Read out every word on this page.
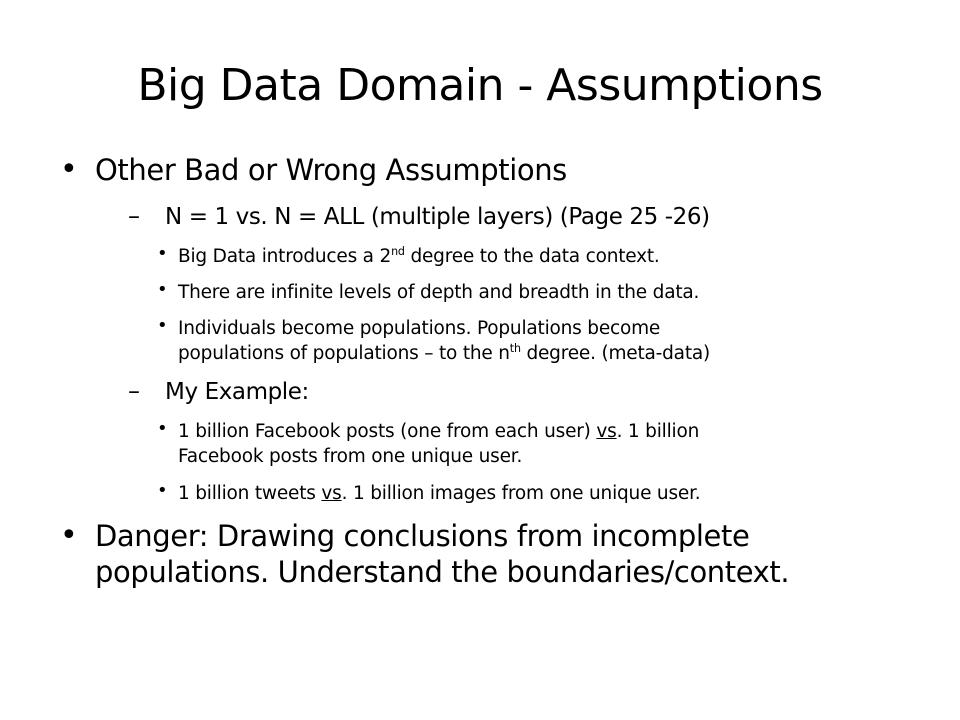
Big Data Domain - Assumptions
• Other Bad or Wrong Assumptions
– N = 1 vs. N = ALL (multiple layers) (Page 25 -26)
• Big Data introduces a 2nd degree to the data context.
• There are infinite levels of depth and breadth in the data.
• Individuals become populations. Populations become
populations of populations – to the $n^{th}$ degree. (meta-data)
– My Example:
• 1 billion Facebook posts (one from each user) vs. 1 billion
Facebook posts from one unique user.
• 1 billion tweets vs. 1 billion images from one unique user.
• Danger: Drawing conclusions from incomplete
populations. Understand the boundaries/context.
